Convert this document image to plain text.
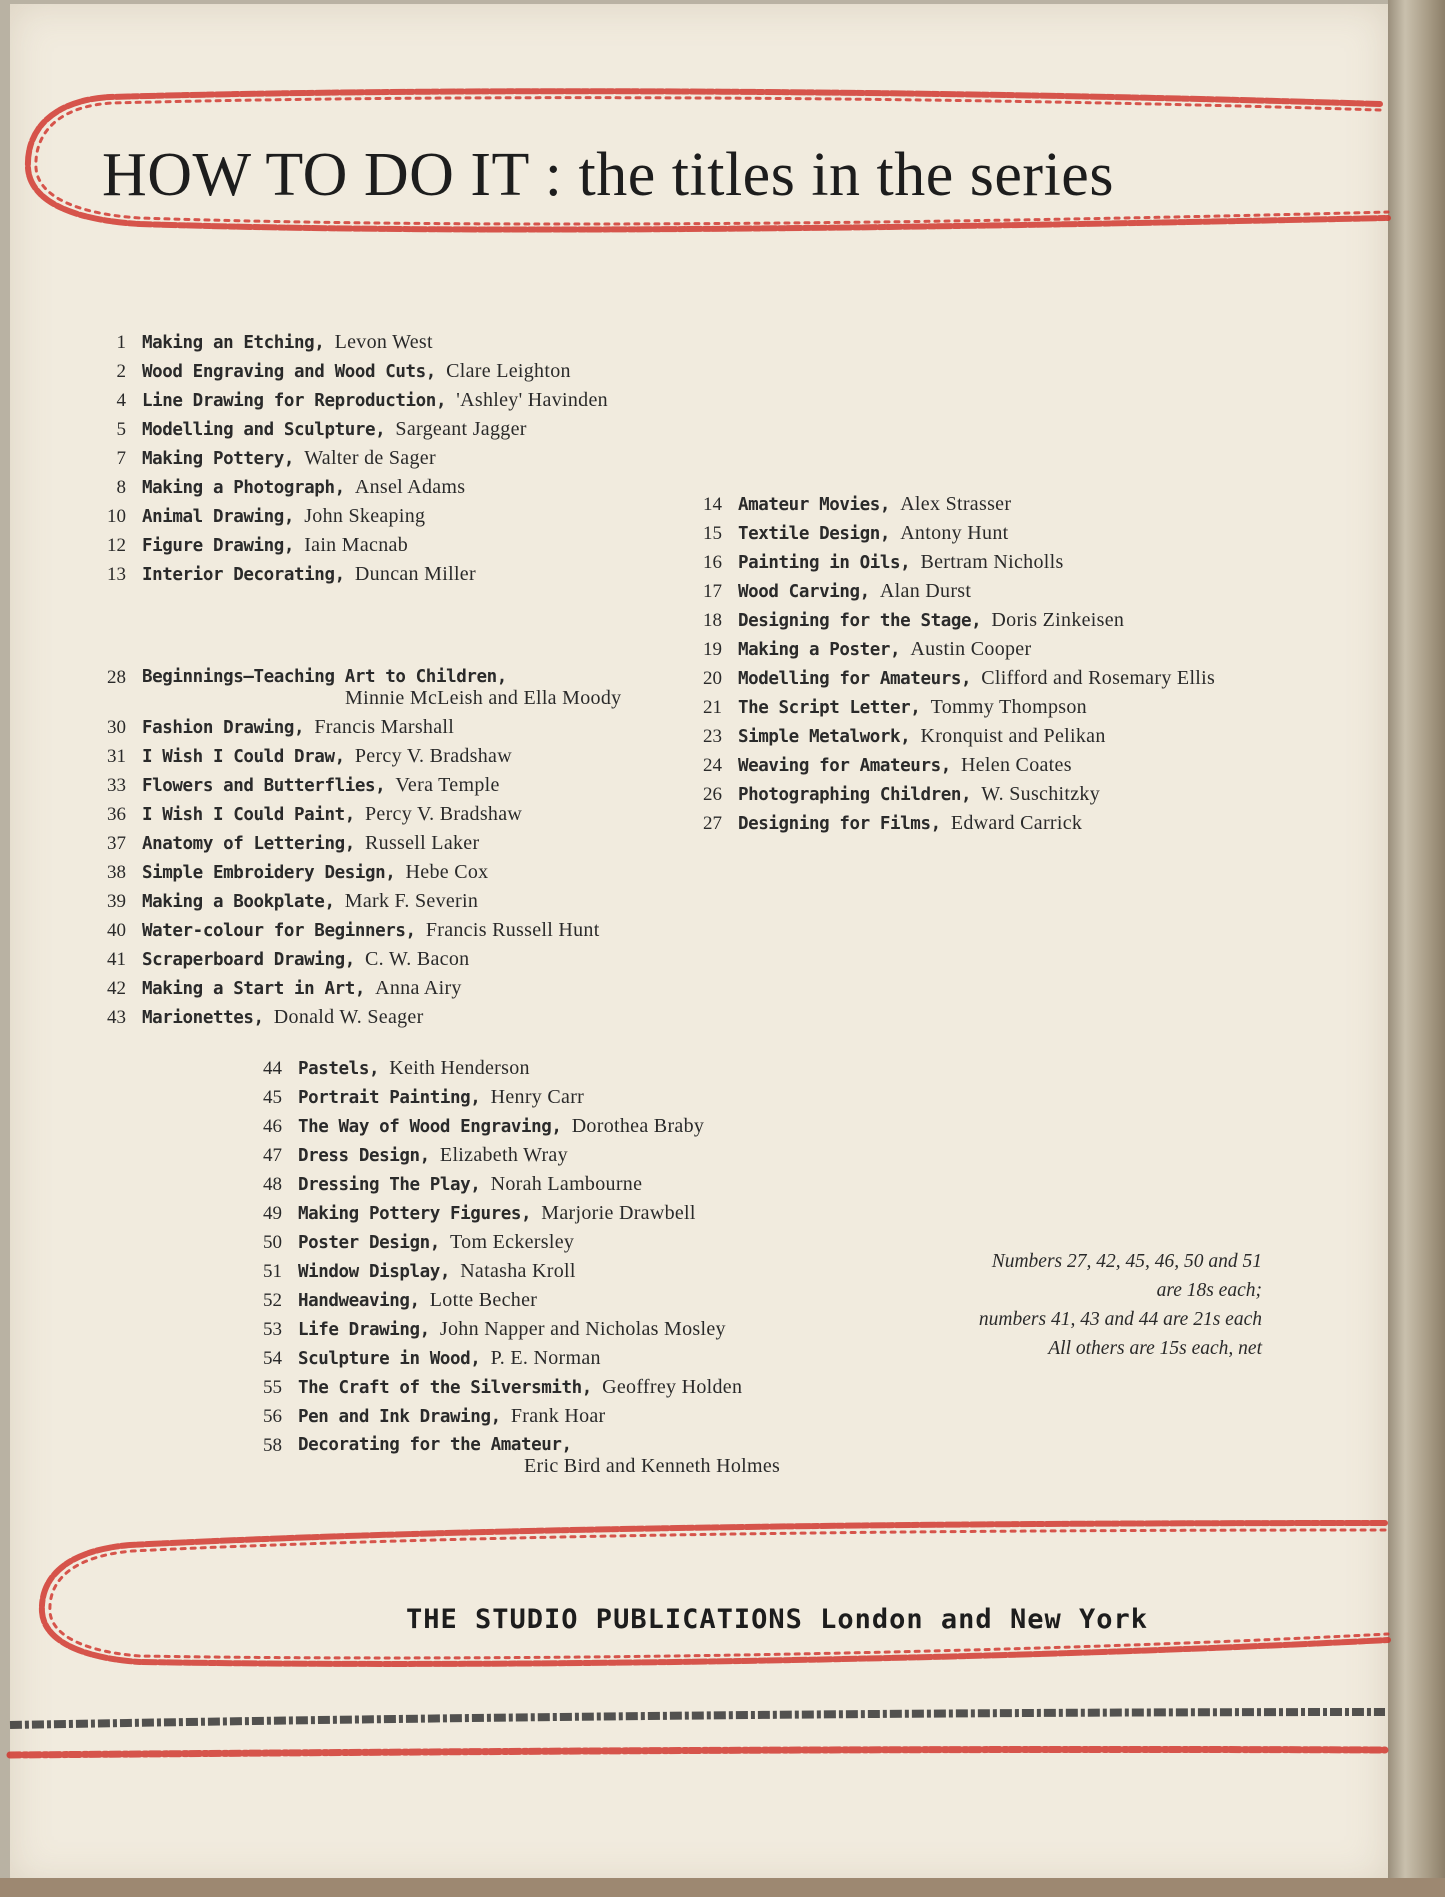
HOW TO DO IT : the titles in the series
1 Making an Etching, Levon West
2 Wood Engraving and Wood Cuts, Clare Leighton
4 Line Drawing for Reproduction, 'Ashley' Havinden
5 Modelling and Sculpture, Sargeant Jagger
7 Making Pottery, Walter de Sager
8 Making a Photograph, Ansel Adams
10 Animal Drawing, John Skeaping
12 Figure Drawing, Iain Macnab
13 Interior Decorating, Duncan Miller
28 Beginnings—Teaching Art to Children,
Minnie McLeish and Ella Moody
30 Fashion Drawing, Francis Marshall
31 I Wish I Could Draw, Percy V. Bradshaw
33 Flowers and Butterflies, Vera Temple
36 I Wish I Could Paint, Percy V. Bradshaw
37 Anatomy of Lettering, Russell Laker
38 Simple Embroidery Design, Hebe Cox
39 Making a Bookplate, Mark F. Severin
40 Water-colour for Beginners, Francis Russell Hunt
41 Scraperboard Drawing, C. W. Bacon
42 Making a Start in Art, Anna Airy
43 Marionettes, Donald W. Seager
14 Amateur Movies, Alex Strasser
15 Textile Design, Antony Hunt
16 Painting in Oils, Bertram Nicholls
17 Wood Carving, Alan Durst
18 Designing for the Stage, Doris Zinkeisen
19 Making a Poster, Austin Cooper
20 Modelling for Amateurs, Clifford and Rosemary Ellis
21 The Script Letter, Tommy Thompson
23 Simple Metalwork, Kronquist and Pelikan
24 Weaving for Amateurs, Helen Coates
26 Photographing Children, W. Suschitzky
27 Designing for Films, Edward Carrick
44 Pastels, Keith Henderson
45 Portrait Painting, Henry Carr
46 The Way of Wood Engraving, Dorothea Braby
47 Dress Design, Elizabeth Wray
48 Dressing The Play, Norah Lambourne
49 Making Pottery Figures, Marjorie Drawbell
50 Poster Design, Tom Eckersley
51 Window Display, Natasha Kroll
52 Handweaving, Lotte Becher
53 Life Drawing, John Napper and Nicholas Mosley
54 Sculpture in Wood, P. E. Norman
55 The Craft of the Silversmith, Geoffrey Holden
56 Pen and Ink Drawing, Frank Hoar
58 Decorating for the Amateur,
Eric Bird and Kenneth Holmes
Numbers 27, 42, 45, 46, 50 and 51
are 18s each;
numbers 41, 43 and 44 are 21s each
All others are 15s each, net
THE STUDIO PUBLICATIONS London and New York
